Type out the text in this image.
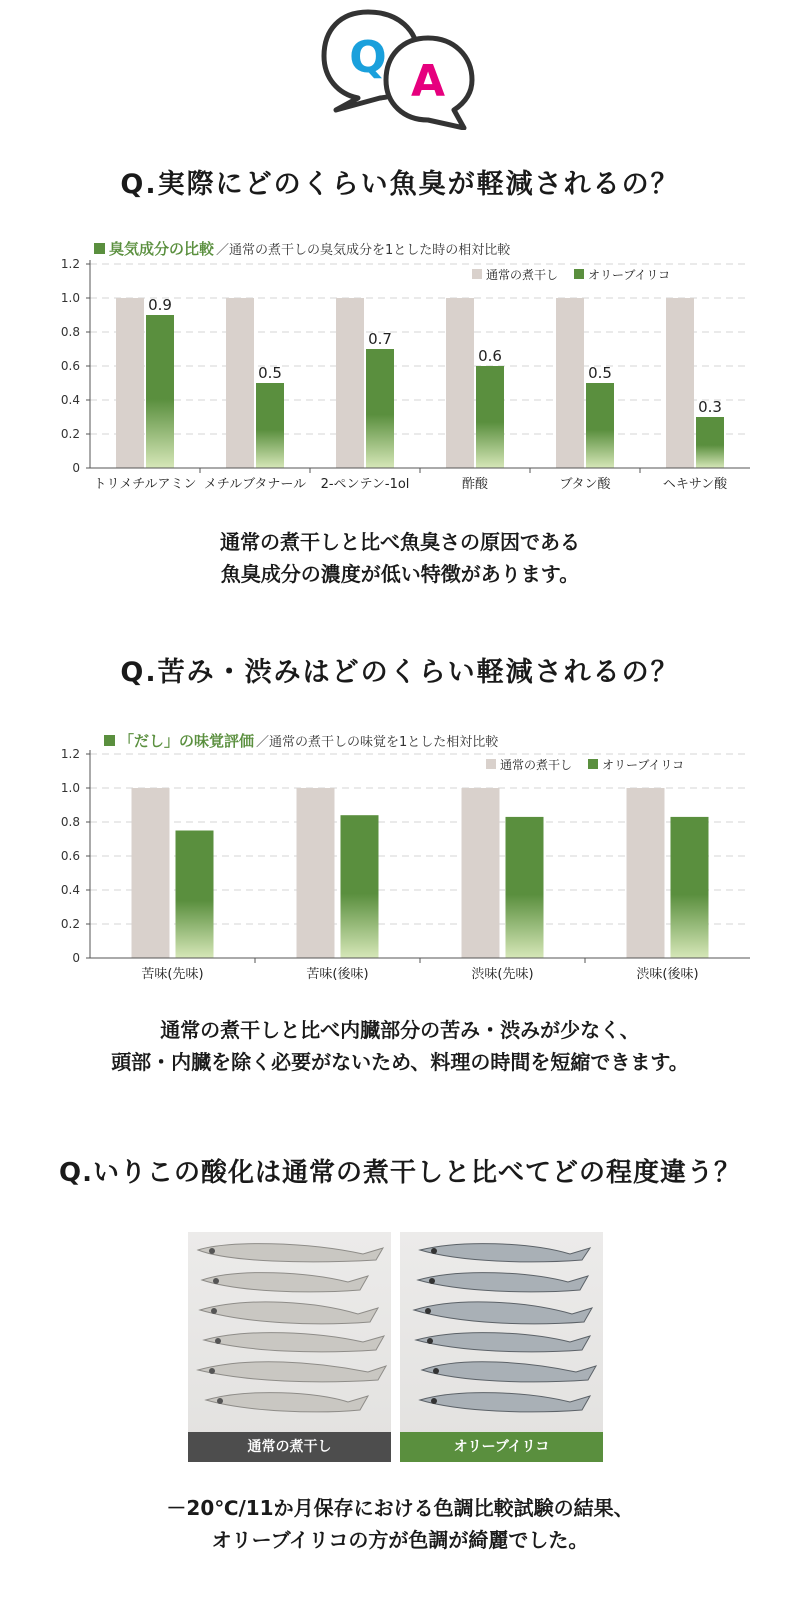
Q A
Q.実際にどのくらい魚臭が軽減されるの？
臭気成分の比較 ／通常の煮干しの臭気成分を1とした時の相対比較
0
0.2
0.4
0.6
0.8
1.0
1.2
0.9
トリメチルアミン
0.5
メチルブタナール
0.7
2-ペンテン-1ol
0.6
酢酸
0.5
ブタン酸
0.3
ヘキサン酸
通常の煮干し オリーブイリコ
通常の煮干しと比べ魚臭さの原因である
魚臭成分の濃度が低い特徴があります。
Q.苦み・渋みはどのくらい軽減されるの？
「だし」の味覚評価 ／通常の煮干しの味覚を1とした相対比較
0
0.2
0.4
0.6
0.8
1.0
1.2
苦味(先味)	苦味(後味)	渋味(先味)	渋味(後味)
通常の煮干し オリーブイリコ
通常の煮干しと比べ内臓部分の苦み・渋みが少なく、
頭部・内臓を除く必要がないため、料理の時間を短縮できます。
Q.いりこの酸化は通常の煮干しと比べてどの程度違う？
通常の煮干し	オリーブイリコ
－20℃/11か月保存における色調比較試験の結果、
オリーブイリコの方が色調が綺麗でした。
